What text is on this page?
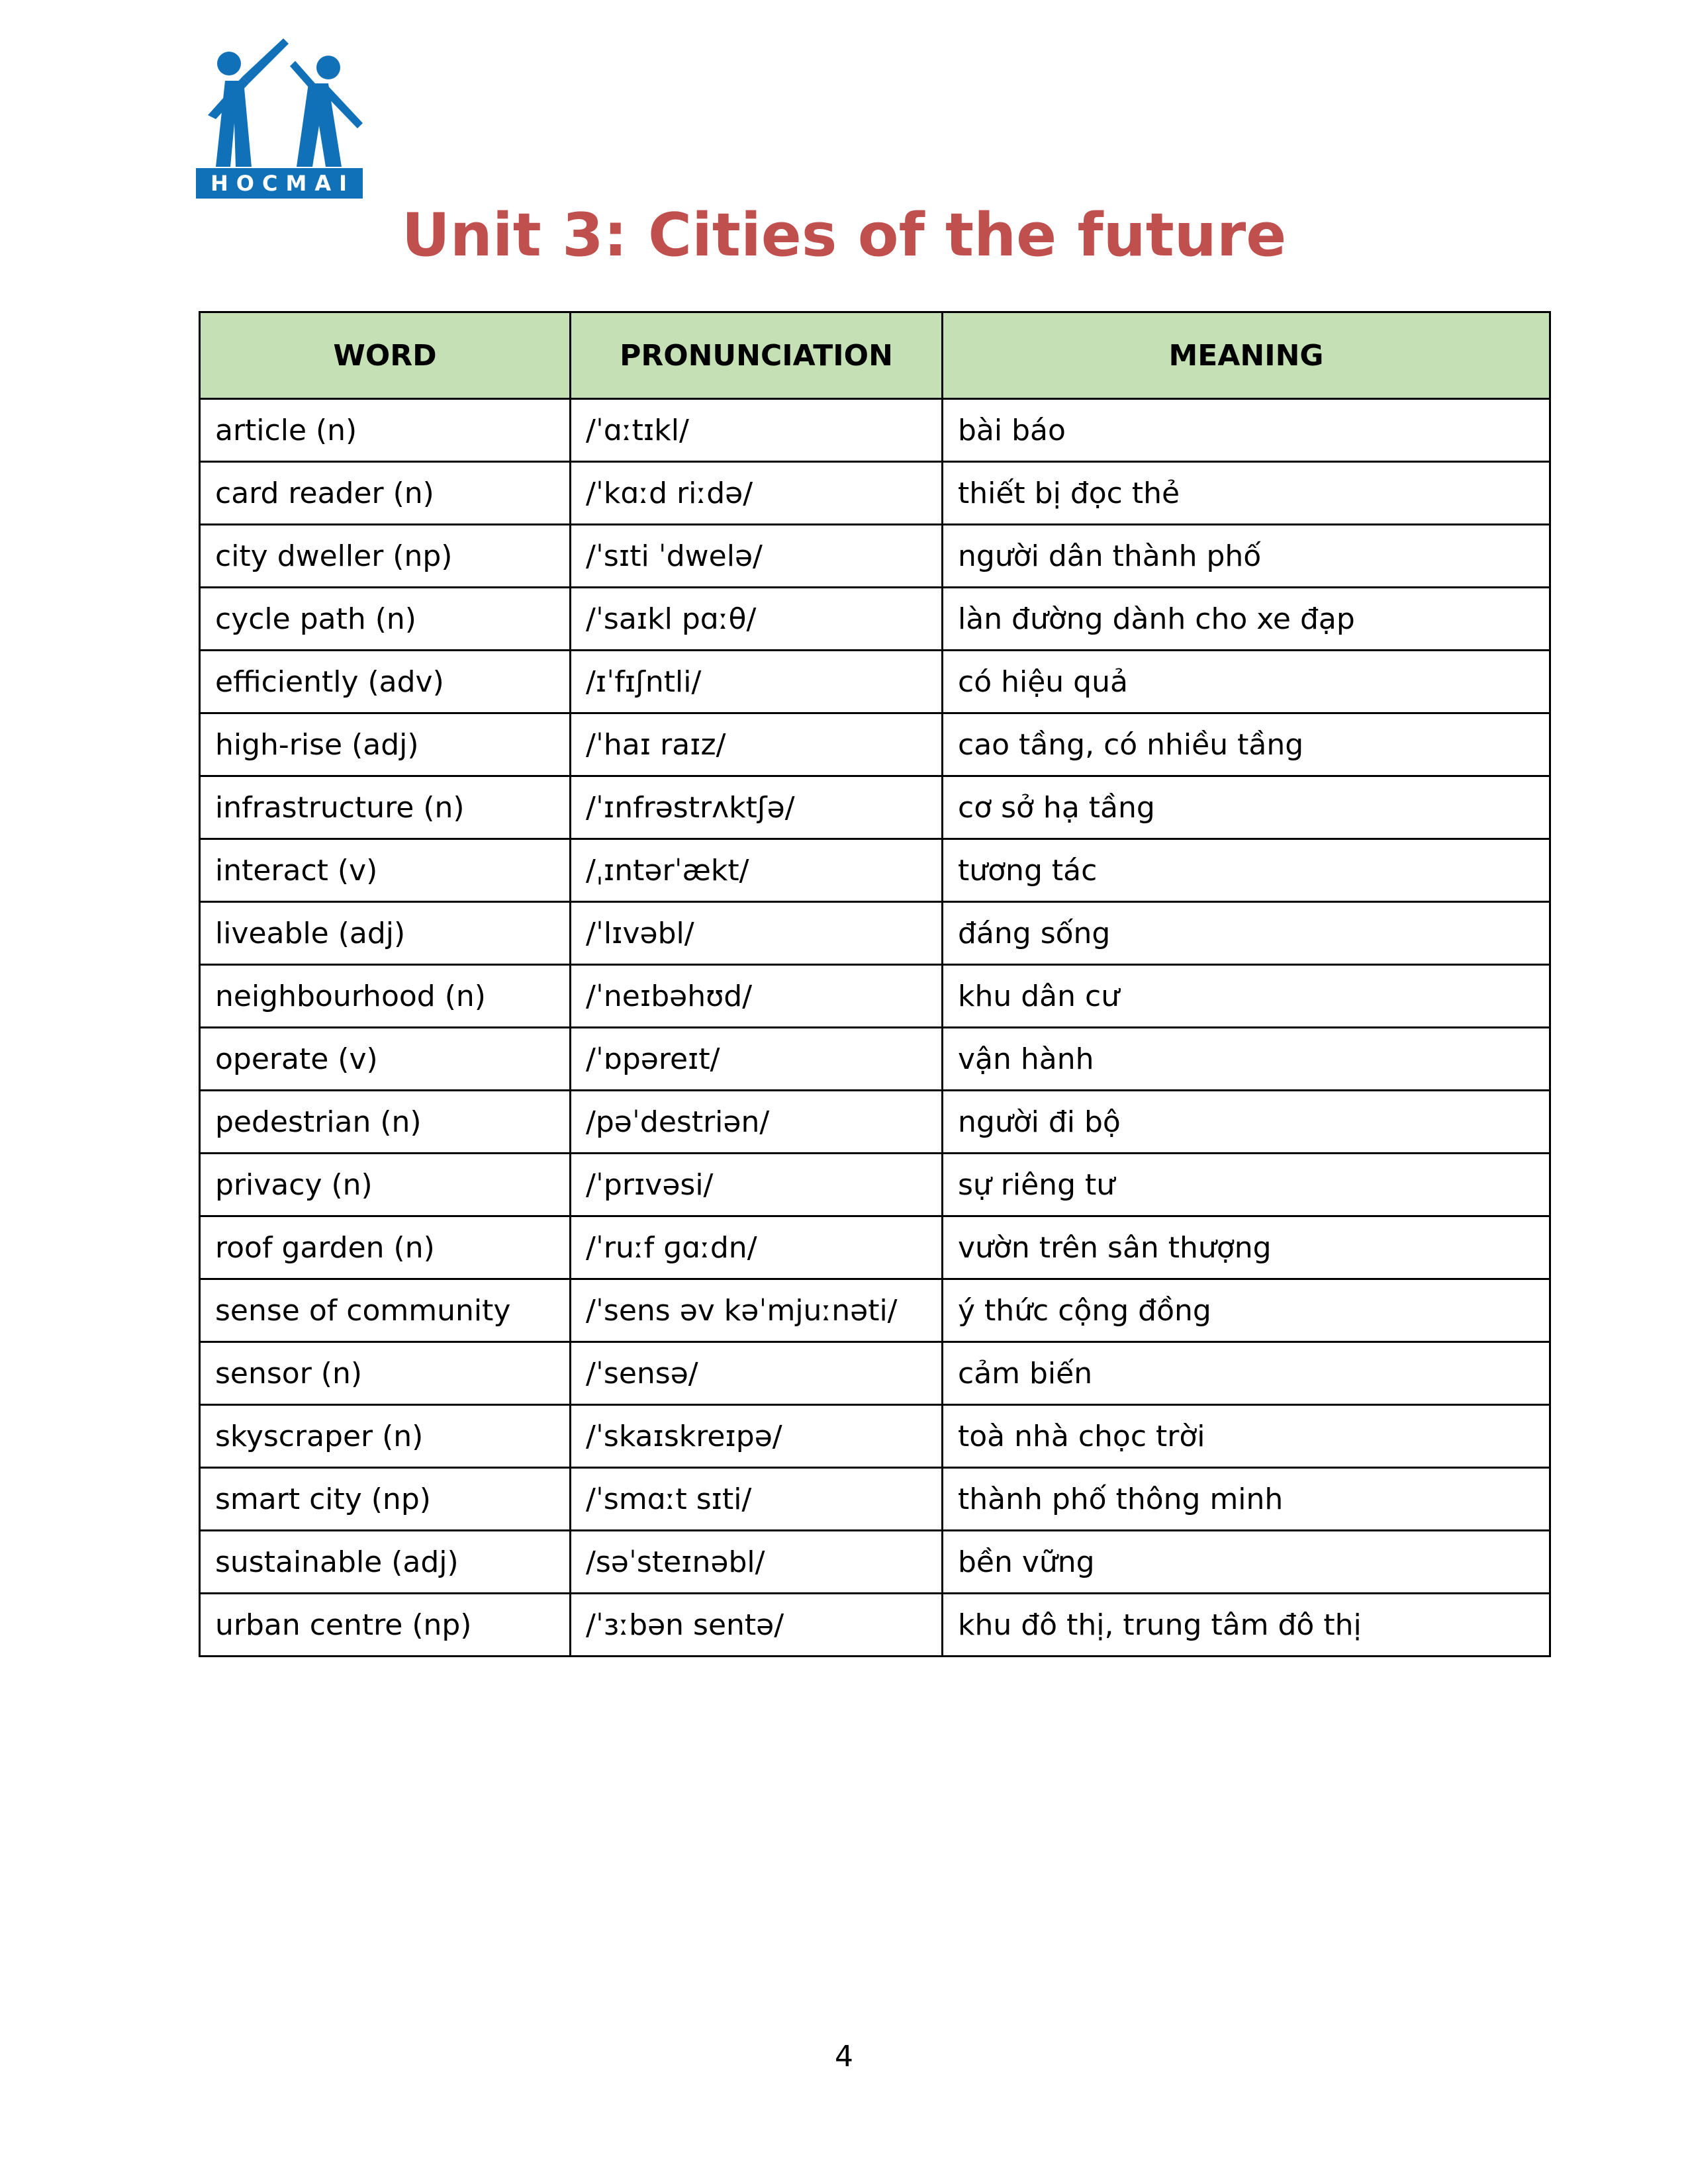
HOCMAI
Unit 3: Cities of the future
WORD	PRONUNCIATION	MEANING
article (n)	/ˈɑːtɪkl/	bài báo
card reader (n)	/ˈkɑːd riːdə/	thiết bị đọc thẻ
city dweller (np)	/ˈsɪti ˈdwelə/	người dân thành phố
cycle path (n)	/ˈsaɪkl pɑːθ/	làn đường dành cho xe đạp
efficiently (adv)	/ɪˈfɪʃntli/	có hiệu quả
high-rise (adj)	/ˈhaɪ raɪz/	cao tầng, có nhiều tầng
infrastructure (n)	/ˈɪnfrəstrʌktʃə/	cơ sở hạ tầng
interact (v)	/ˌɪntərˈækt/	tương tác
liveable (adj)	/ˈlɪvəbl/	đáng sống
neighbourhood (n)	/ˈneɪbəhʊd/	khu dân cư
operate (v)	/ˈɒpəreɪt/	vận hành
pedestrian (n)	/pəˈdestriən/	người đi bộ
privacy (n)	/ˈprɪvəsi/	sự riêng tư
roof garden (n)	/ˈruːf ɡɑːdn/	vườn trên sân thượng
sense of community	/ˈsens əv kəˈmjuːnəti/	ý thức cộng đồng
sensor (n)	/ˈsensə/	cảm biến
skyscraper (n)	/ˈskaɪskreɪpə/	toà nhà chọc trời
smart city (np)	/ˈsmɑːt sɪti/	thành phố thông minh
sustainable (adj)	/səˈsteɪnəbl/	bền vững
urban centre (np)	/ˈɜːbən sentə/	khu đô thị, trung tâm đô thị
4
